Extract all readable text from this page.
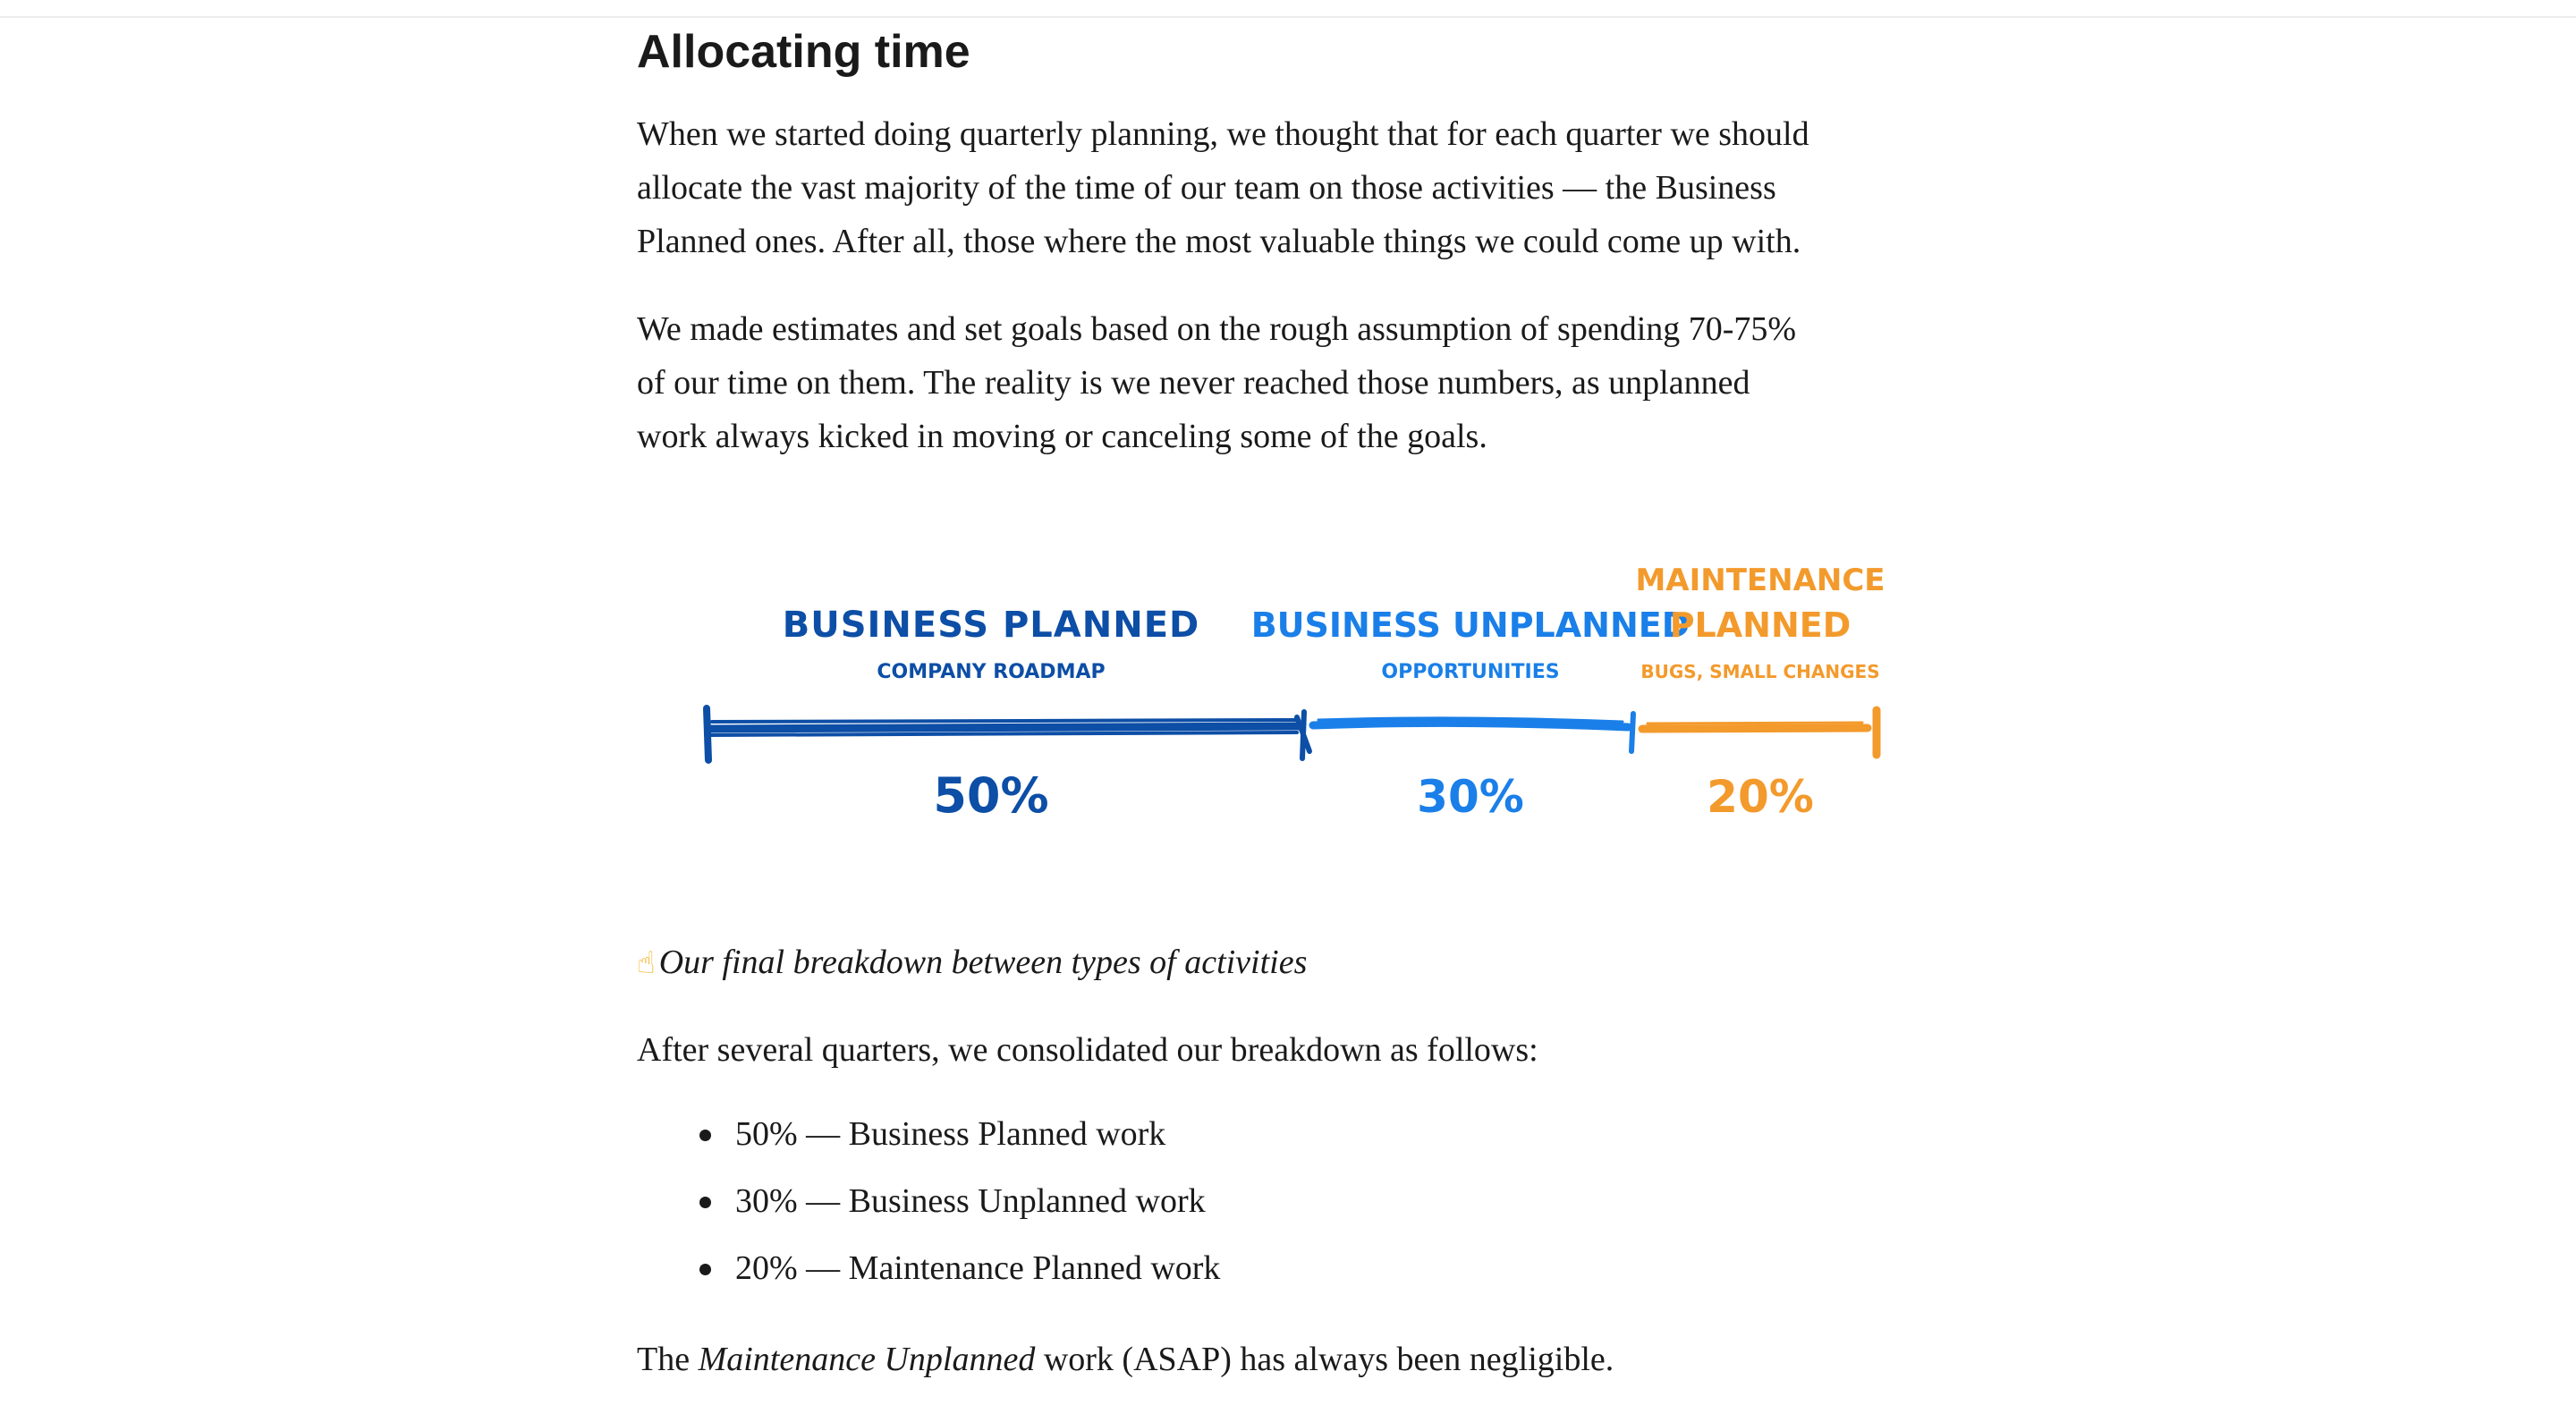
Allocating time

When we started doing quarterly planning, we thought that for each quarter we should
allocate the vast majority of the time of our team on those activities — the Business
Planned ones. After all, those where the most valuable things we could come up with.

We made estimates and set goals based on the rough assumption of spending 70-75%
of our time on them. The reality is we never reached those numbers, as unplanned
work always kicked in moving or canceling some of the goals.

BUSINESS PLANNED
COMPANY ROADMAP
50%
BUSINESS UNPLANNED
OPPORTUNITIES
30%
MAINTENANCE
PLANNED
BUGS, SMALL CHANGES
20%

☝ Our final breakdown between types of activities

After several quarters, we consolidated our breakdown as follows:

50% — Business Planned work
30% — Business Unplanned work
20% — Maintenance Planned work

The Maintenance Unplanned work (ASAP) has always been negligible.
